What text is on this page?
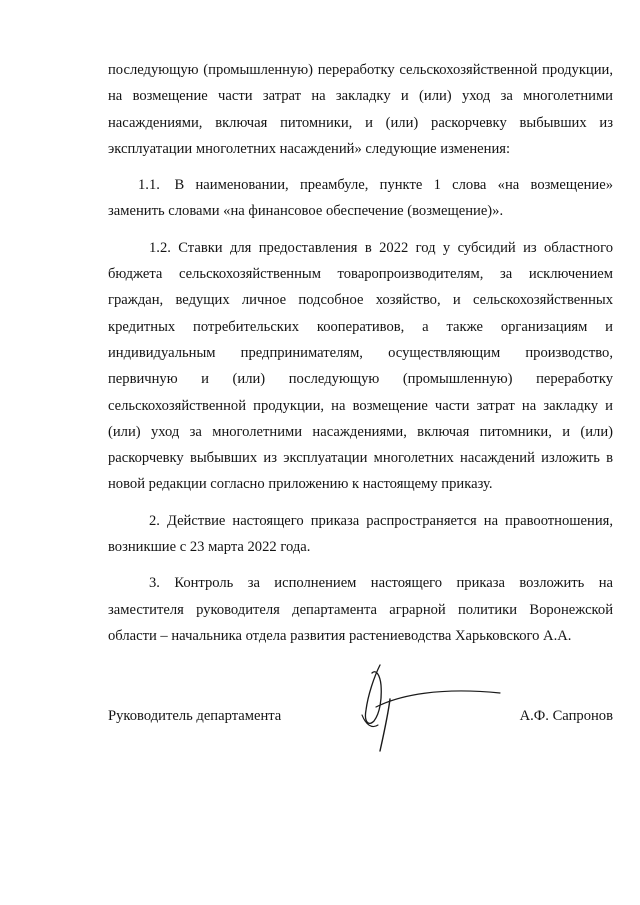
последующую (промышленную) переработку сельскохозяйственной продукции, на возмещение части затрат на закладку и (или) уход за многолетними насаждениями, включая питомники, и (или) раскорчевку выбывших из эксплуатации многолетних насаждений» следующие изменения:

1.1. В наименовании, преамбуле, пункте 1 слова «на возмещение» заменить словами «на финансовое обеспечение (возмещение)».

1.2. Ставки для предоставления в 2022 год у субсидий из областного бюджета сельскохозяйственным товаропроизводителям, за исключением граждан, ведущих личное подсобное хозяйство, и сельскохозяйственных кредитных потребительских кооперативов, а также организациям и индивидуальным предпринимателям, осуществляющим производство, первичную и (или) последующую (промышленную) переработку сельскохозяйственной продукции, на возмещение части затрат на закладку и (или) уход за многолетними насаждениями, включая питомники, и (или) раскорчевку выбывших из эксплуатации многолетних насаждений изложить в новой редакции согласно приложению к настоящему приказу.

2. Действие настоящего приказа распространяется на правоотношения, возникшие с 23 марта 2022 года.

3. Контроль за исполнением настоящего приказа возложить на заместителя руководителя департамента аграрной политики Воронежской области – начальника отдела развития растениеводства Харьковского А.А.

Руководитель департамента	А.Ф. Сапронов
